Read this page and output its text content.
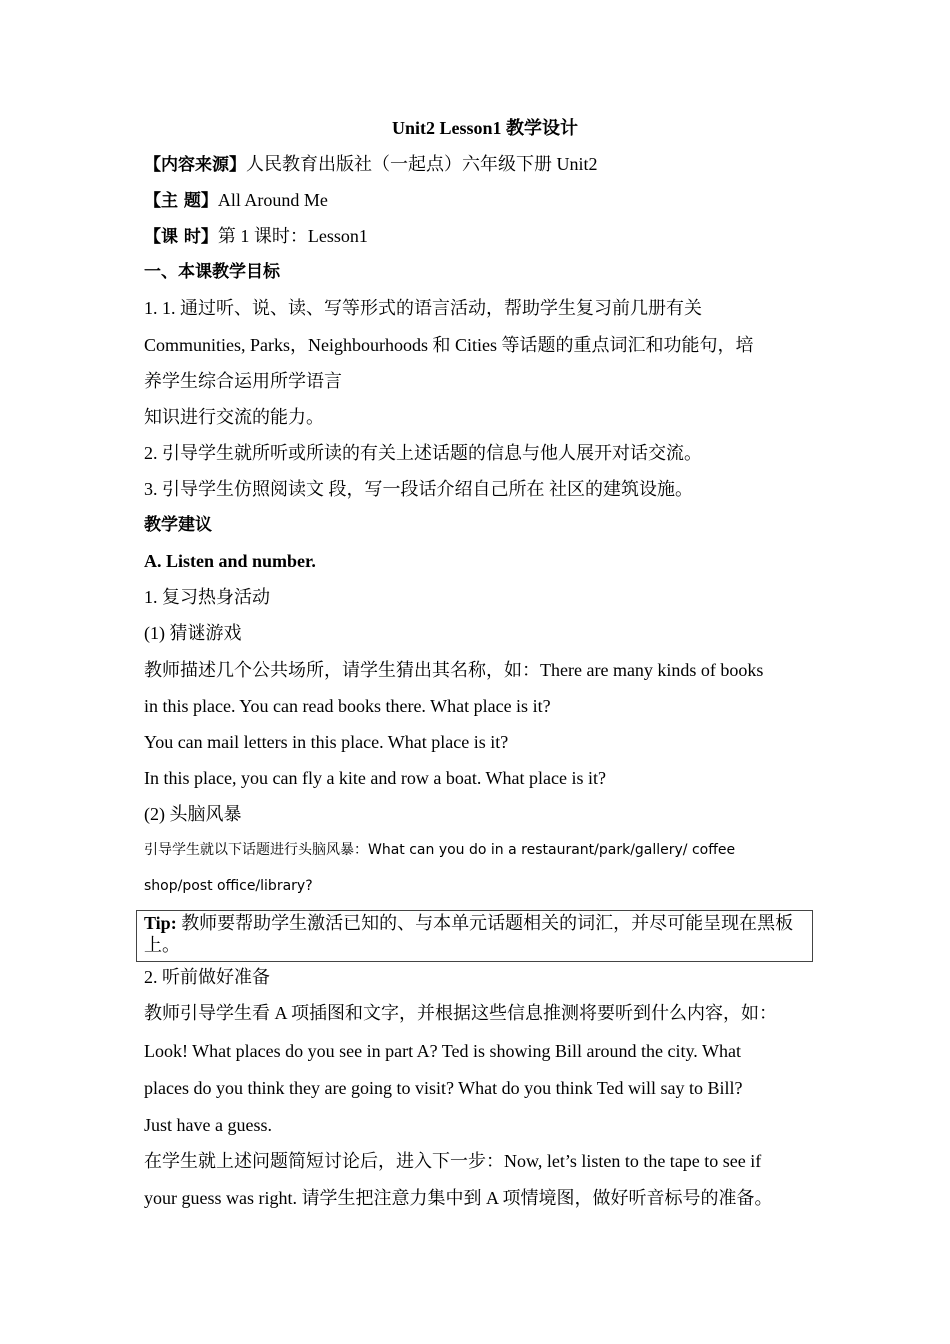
Unit2 Lesson1 教学设计
【内容来源】人民教育出版社（一起点）六年级下册 Unit2
【主 题】All Around Me
【课 时】第 1 课时：Lesson1
一、本课教学目标
1. 1. 通过听、说、读、写等形式的语言活动，帮助学生复习前几册有关
Communities, Parks，Neighbourhoods 和 Cities 等话题的重点词汇和功能句，培
养学生综合运用所学语言
知识进行交流的能力。
2. 引导学生就所听或所读的有关上述话题的信息与他人展开对话交流。
3. 引导学生仿照阅读文 段，写一段话介绍自己所在 社区的建筑设施。
教学建议
A. Listen and number.
1. 复习热身活动
(1) 猜谜游戏
教师描述几个公共场所，请学生猜出其名称，如：There are many kinds of books
in this place. You can read books there. What place is it?
You can mail letters in this place. What place is it?
In this place, you can fly a kite and row a boat. What place is it?
(2) 头脑风暴
引导学生就以下话题进行头脑风暴：What can you do in a restaurant/park/gallery/ coffee
shop/post office/library?
Tip: 教师要帮助学生激活已知的、与本单元话题相关的词汇，并尽可能呈现在黑板上。
2. 听前做好准备
教师引导学生看 A 项插图和文字，并根据这些信息推测将要听到什么内容，如：
Look! What places do you see in part A? Ted is showing Bill around the city. What
places do you think they are going to visit? What do you think Ted will say to Bill?
Just have a guess.
在学生就上述问题简短讨论后，进入下一步：Now, let’s listen to the tape to see if
your guess was right. 请学生把注意力集中到 A 项情境图，做好听音标号的准备。
